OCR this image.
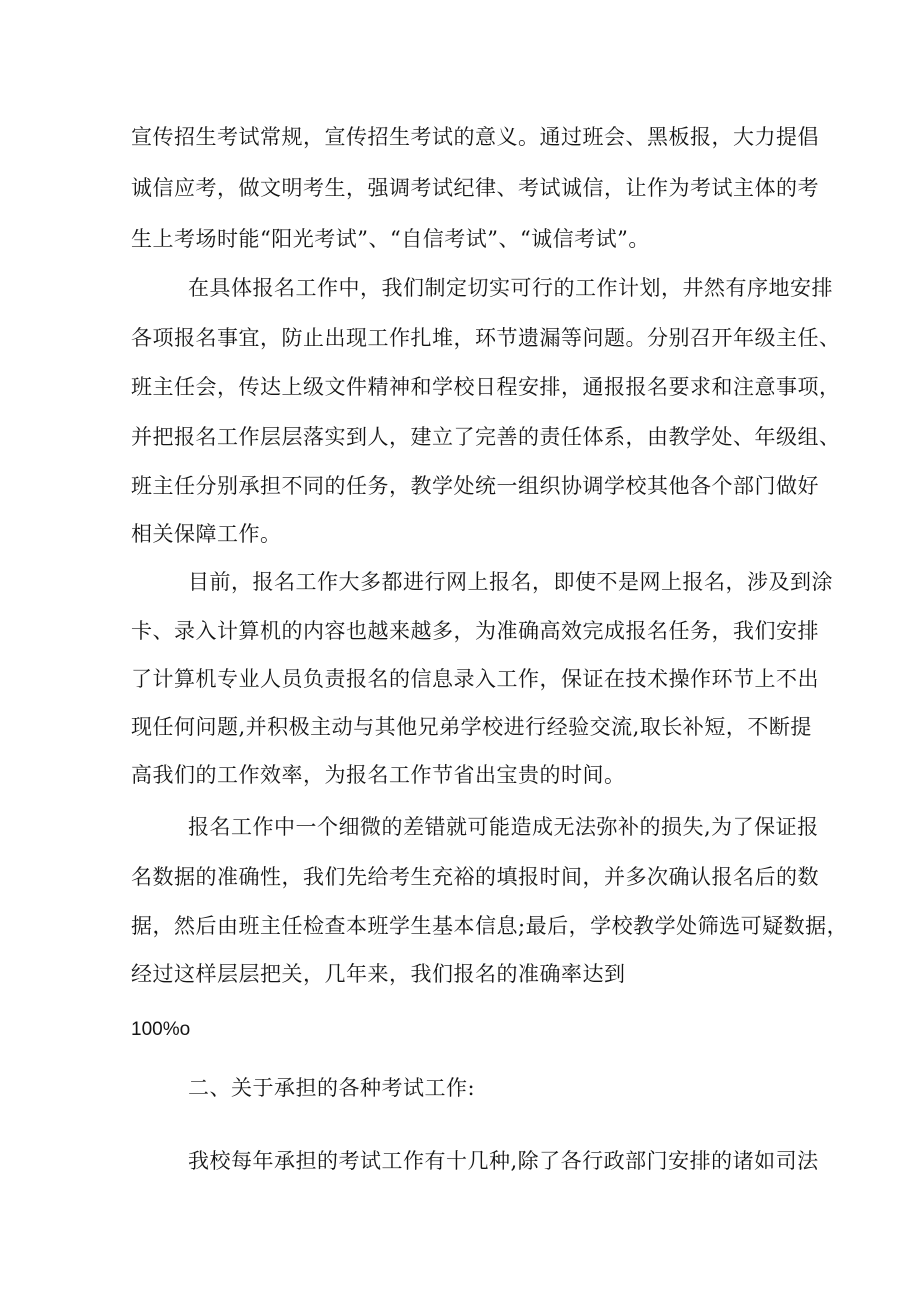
宣传招生考试常规，宣传招生考试的意义。通过班会、黑板报，大力提倡
诚信应考，做文明考生，强调考试纪律、考试诚信，让作为考试主体的考
生上考场时能“阳光考试”、“自信考试”、“诚信考试”。
在具体报名工作中，我们制定切实可行的工作计划，井然有序地安排
各项报名事宜，防止出现工作扎堆，环节遗漏等问题。分别召开年级主任、
班主任会，传达上级文件精神和学校日程安排，通报报名要求和注意事项，
并把报名工作层层落实到人，建立了完善的责任体系，由教学处、年级组、
班主任分别承担不同的任务，教学处统一组织协调学校其他各个部门做好
相关保障工作。
目前，报名工作大多都进行网上报名，即使不是网上报名，涉及到涂
卡、录入计算机的内容也越来越多，为准确高效完成报名任务，我们安排
了计算机专业人员负责报名的信息录入工作，保证在技术操作环节上不出
现任何问题,并积极主动与其他兄弟学校进行经验交流,取长补短，不断提
高我们的工作效率，为报名工作节省出宝贵的时间。
报名工作中一个细微的差错就可能造成无法弥补的损失,为了保证报
名数据的准确性，我们先给考生充裕的填报时间，并多次确认报名后的数
据，然后由班主任检查本班学生基本信息;最后，学校教学处筛选可疑数据，
经过这样层层把关，几年来，我们报名的准确率达到
100%o
二、关于承担的各种考试工作:
我校每年承担的考试工作有十几种,除了各行政部门安排的诸如司法
